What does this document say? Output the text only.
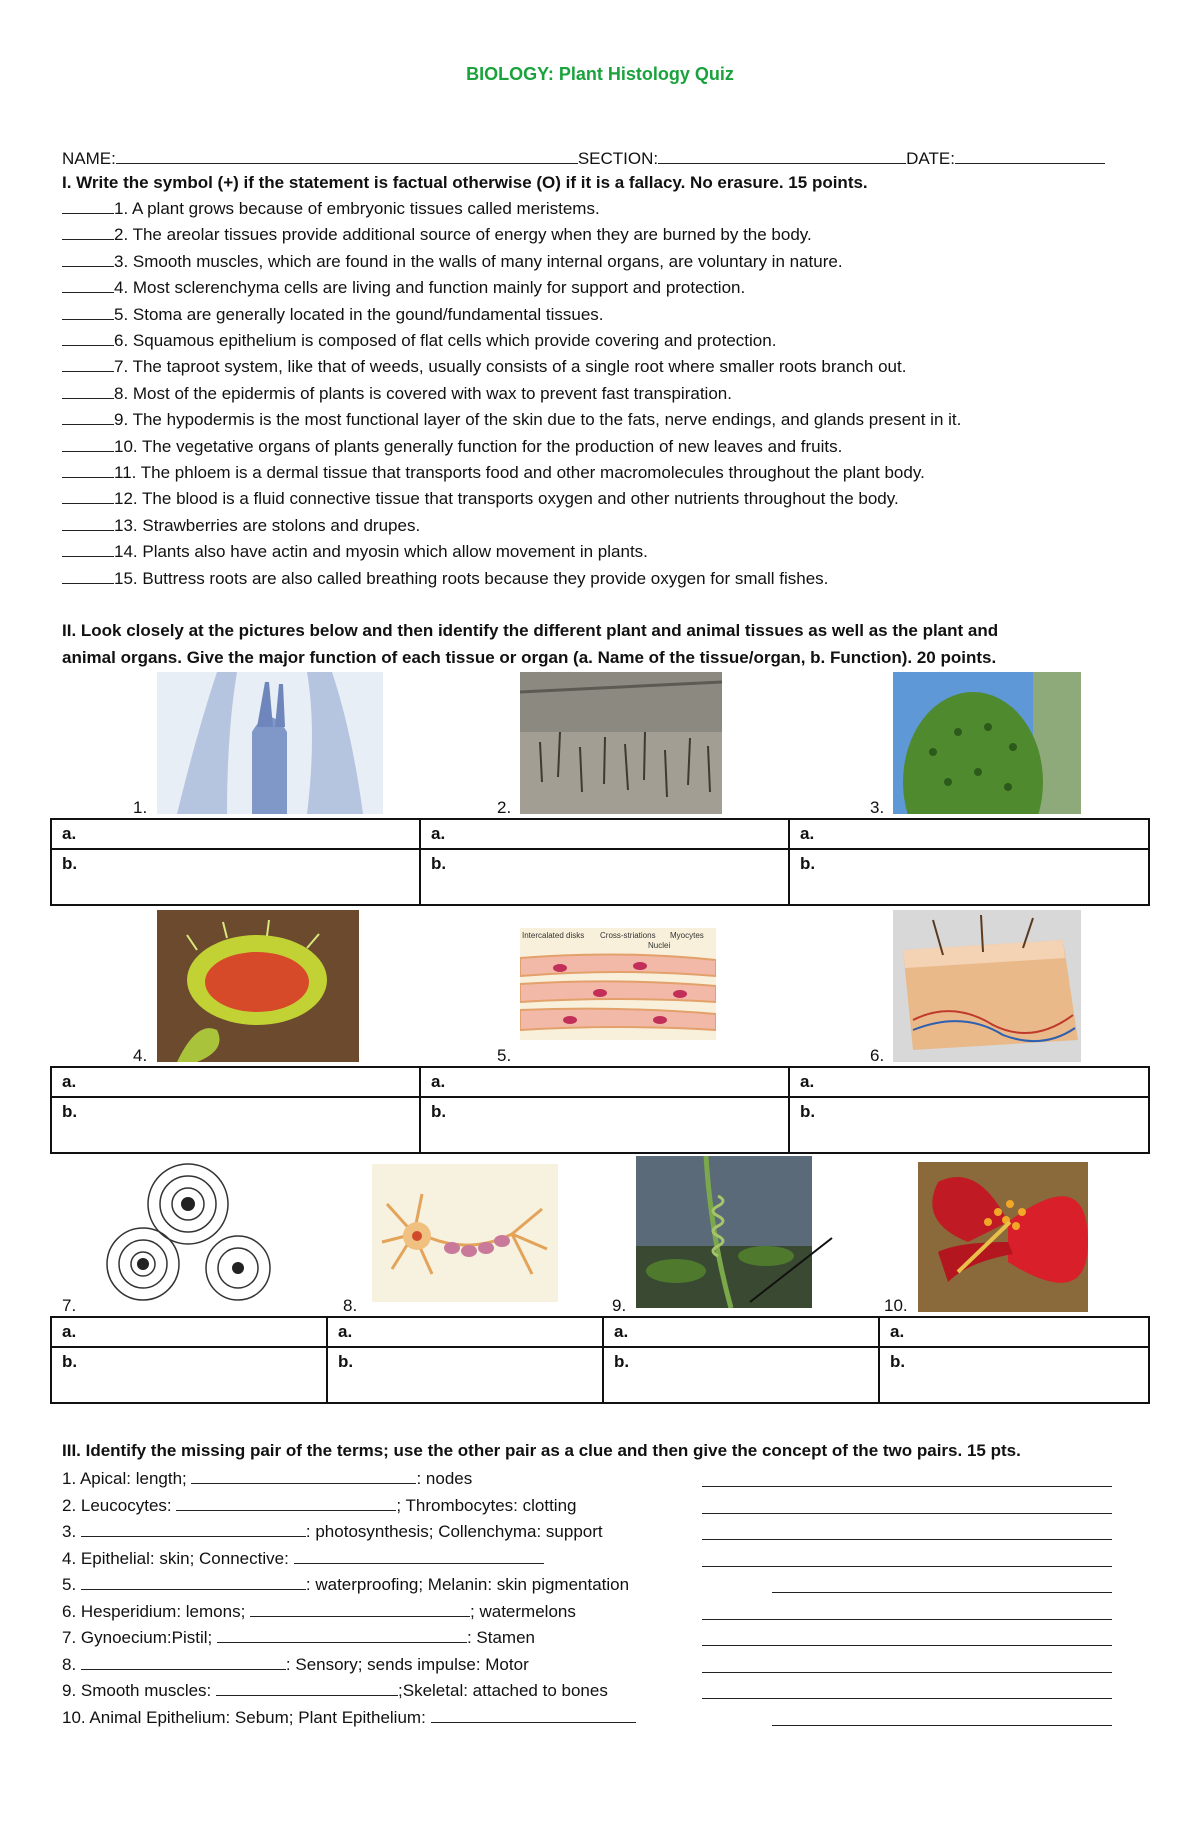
BIOLOGY: Plant Histology Quiz
NAME:	SECTION:	DATE:
I. Write the symbol (+) if the statement is factual otherwise (O) if it is a fallacy. No erasure. 15 points.
1. A plant grows because of embryonic tissues called meristems.
2. The areolar tissues provide additional source of energy when they are burned by the body.
3. Smooth muscles, which are found in the walls of many internal organs, are voluntary in nature.
4. Most sclerenchyma cells are living and function mainly for support and protection.
5. Stoma are generally located in the gound/fundamental tissues.
6. Squamous epithelium is composed of flat cells which provide covering and protection.
7. The taproot system, like that of weeds, usually consists of a single root where smaller roots branch out.
8. Most of the epidermis of plants is covered with wax to prevent fast transpiration.
9. The hypodermis is the most functional layer of the skin due to the fats, nerve endings, and glands present in it.
10. The vegetative organs of plants generally function for the production of new leaves and fruits.
11. The phloem is a dermal tissue that transports food and other macromolecules throughout the plant body.
12. The blood is a fluid connective tissue that transports oxygen and other nutrients throughout the body.
13. Strawberries are stolons and drupes.
14. Plants also have actin and myosin which allow movement in plants.
15. Buttress roots are also called breathing roots because they provide oxygen for small fishes.
II. Look closely at the pictures below and then identify the different plant and animal tissues as well as the plant and
animal organs. Give the major function of each tissue or organ (a. Name of the tissue/organ, b. Function). 20 points.
1.	2.	3.
a.	a.	a.
b.	b.	b.
Intercalated disks Cross-striations Myocytes
Nuclei
4.	5.	6.
a.	a.	a.
b.	b.	b.
7.	8.	9.	10.
a.	a.	a.	a.
b.	b.	b.	b.
III. Identify the missing pair of the terms; use the other pair as a clue and then give the concept of the two pairs. 15 pts.
1. Apical: length;	: nodes
2. Leucocytes:	; Thrombocytes: clotting
3.	: photosynthesis; Collenchyma: support
4. Epithelial: skin; Connective:
5.	: waterproofing; Melanin: skin pigmentation
6. Hesperidium: lemons;	; watermelons
7. Gynoecium:Pistil;	: Stamen
8.	: Sensory; sends impulse: Motor
9. Smooth muscles:	;Skeletal: attached to bones
10. Animal Epithelium: Sebum; Plant Epithelium:
